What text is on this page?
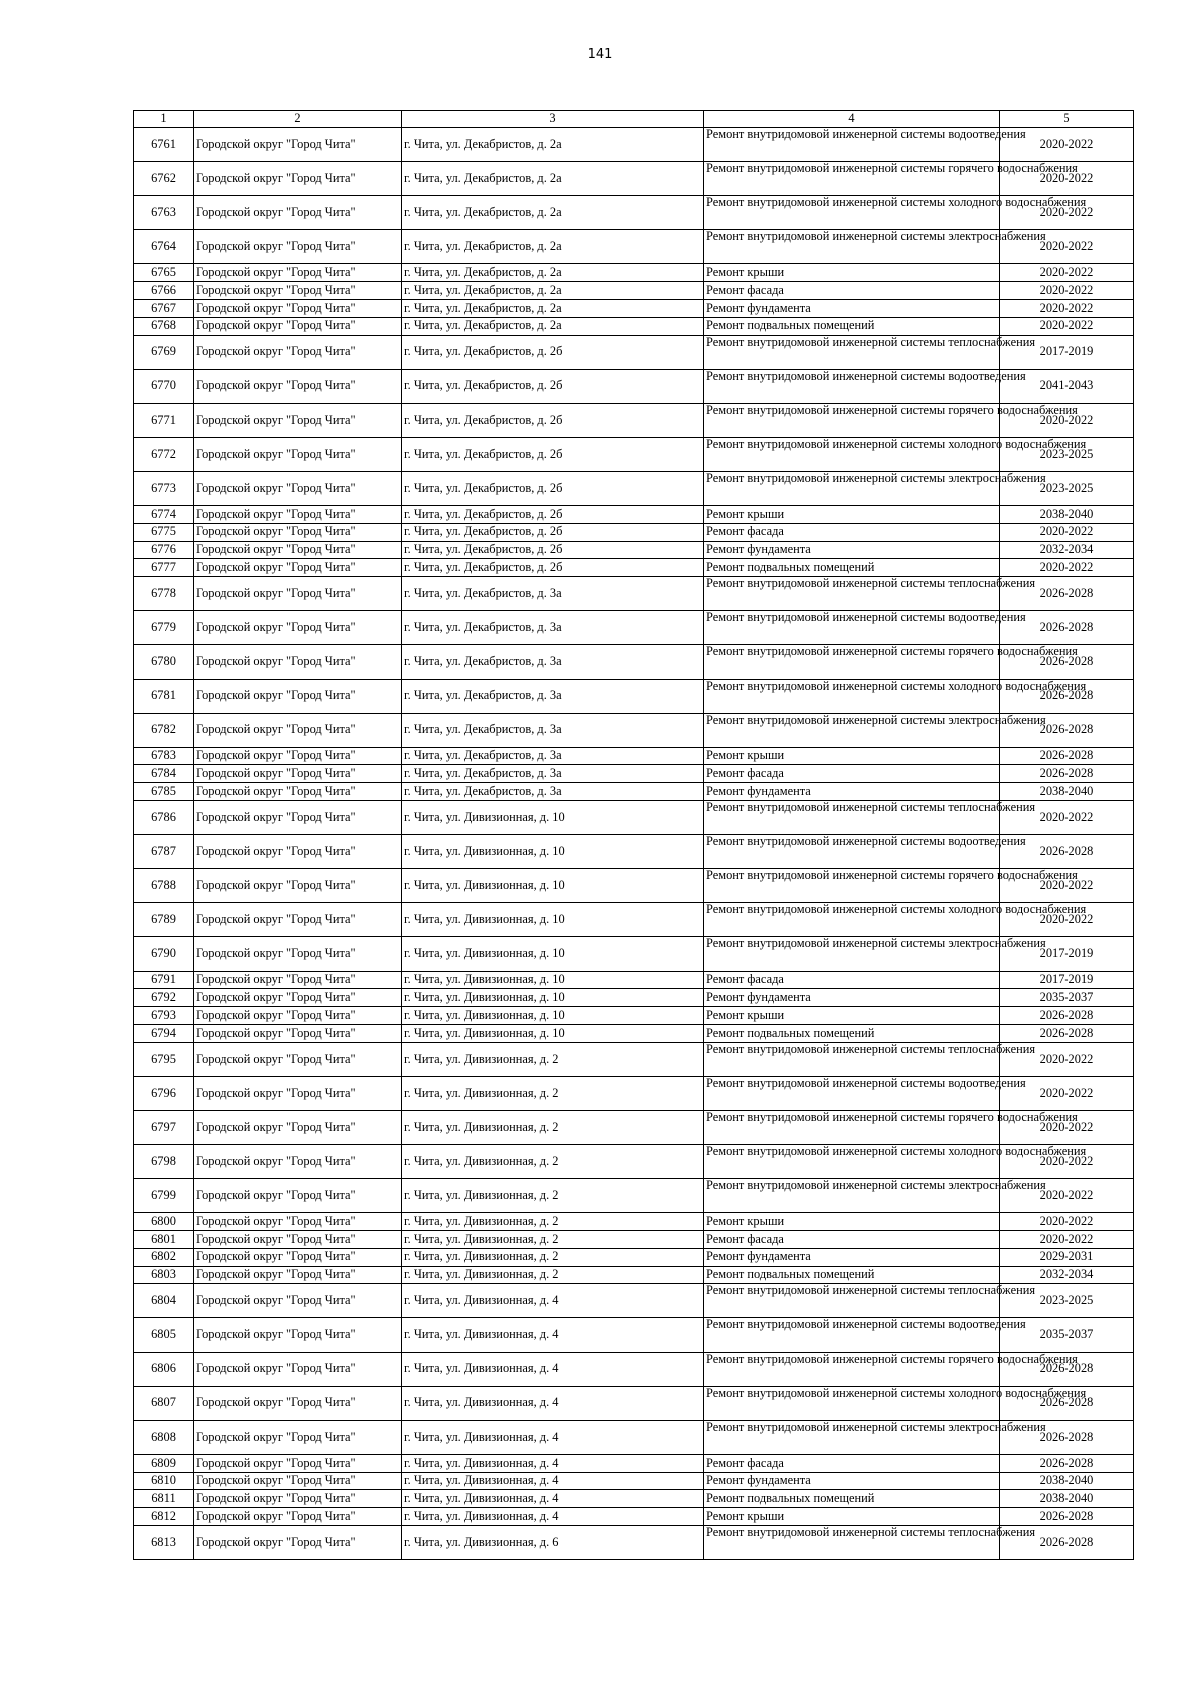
141
1	2	3	4	5
6761	Городской округ "Город Чита"	г. Чита, ул. Декабристов, д. 2а	Ремонт внутридомовой инженерной системы водоотведения	2020-2022
6762	Городской округ "Город Чита"	г. Чита, ул. Декабристов, д. 2а	Ремонт внутридомовой инженерной системы горячего водоснабжения	2020-2022
6763	Городской округ "Город Чита"	г. Чита, ул. Декабристов, д. 2а	Ремонт внутридомовой инженерной системы холодного водоснабжения	2020-2022
6764	Городской округ "Город Чита"	г. Чита, ул. Декабристов, д. 2а	Ремонт внутридомовой инженерной системы электроснабжения	2020-2022
6765	Городской округ "Город Чита"	г. Чита, ул. Декабристов, д. 2а	Ремонт крыши	2020-2022
6766	Городской округ "Город Чита"	г. Чита, ул. Декабристов, д. 2а	Ремонт фасада	2020-2022
6767	Городской округ "Город Чита"	г. Чита, ул. Декабристов, д. 2а	Ремонт фундамента	2020-2022
6768	Городской округ "Город Чита"	г. Чита, ул. Декабристов, д. 2а	Ремонт подвальных помещений	2020-2022
6769	Городской округ "Город Чита"	г. Чита, ул. Декабристов, д. 2б	Ремонт внутридомовой инженерной системы теплоснабжения	2017-2019
6770	Городской округ "Город Чита"	г. Чита, ул. Декабристов, д. 2б	Ремонт внутридомовой инженерной системы водоотведения	2041-2043
6771	Городской округ "Город Чита"	г. Чита, ул. Декабристов, д. 2б	Ремонт внутридомовой инженерной системы горячего водоснабжения	2020-2022
6772	Городской округ "Город Чита"	г. Чита, ул. Декабристов, д. 2б	Ремонт внутридомовой инженерной системы холодного водоснабжения	2023-2025
6773	Городской округ "Город Чита"	г. Чита, ул. Декабристов, д. 2б	Ремонт внутридомовой инженерной системы электроснабжения	2023-2025
6774	Городской округ "Город Чита"	г. Чита, ул. Декабристов, д. 2б	Ремонт крыши	2038-2040
6775	Городской округ "Город Чита"	г. Чита, ул. Декабристов, д. 2б	Ремонт фасада	2020-2022
6776	Городской округ "Город Чита"	г. Чита, ул. Декабристов, д. 2б	Ремонт фундамента	2032-2034
6777	Городской округ "Город Чита"	г. Чита, ул. Декабристов, д. 2б	Ремонт подвальных помещений	2020-2022
6778	Городской округ "Город Чита"	г. Чита, ул. Декабристов, д. 3а	Ремонт внутридомовой инженерной системы теплоснабжения	2026-2028
6779	Городской округ "Город Чита"	г. Чита, ул. Декабристов, д. 3а	Ремонт внутридомовой инженерной системы водоотведения	2026-2028
6780	Городской округ "Город Чита"	г. Чита, ул. Декабристов, д. 3а	Ремонт внутридомовой инженерной системы горячего водоснабжения	2026-2028
6781	Городской округ "Город Чита"	г. Чита, ул. Декабристов, д. 3а	Ремонт внутридомовой инженерной системы холодного водоснабжения	2026-2028
6782	Городской округ "Город Чита"	г. Чита, ул. Декабристов, д. 3а	Ремонт внутридомовой инженерной системы электроснабжения	2026-2028
6783	Городской округ "Город Чита"	г. Чита, ул. Декабристов, д. 3а	Ремонт крыши	2026-2028
6784	Городской округ "Город Чита"	г. Чита, ул. Декабристов, д. 3а	Ремонт фасада	2026-2028
6785	Городской округ "Город Чита"	г. Чита, ул. Декабристов, д. 3а	Ремонт фундамента	2038-2040
6786	Городской округ "Город Чита"	г. Чита, ул. Дивизионная, д. 10	Ремонт внутридомовой инженерной системы теплоснабжения	2020-2022
6787	Городской округ "Город Чита"	г. Чита, ул. Дивизионная, д. 10	Ремонт внутридомовой инженерной системы водоотведения	2026-2028
6788	Городской округ "Город Чита"	г. Чита, ул. Дивизионная, д. 10	Ремонт внутридомовой инженерной системы горячего водоснабжения	2020-2022
6789	Городской округ "Город Чита"	г. Чита, ул. Дивизионная, д. 10	Ремонт внутридомовой инженерной системы холодного водоснабжения	2020-2022
6790	Городской округ "Город Чита"	г. Чита, ул. Дивизионная, д. 10	Ремонт внутридомовой инженерной системы электроснабжения	2017-2019
6791	Городской округ "Город Чита"	г. Чита, ул. Дивизионная, д. 10	Ремонт фасада	2017-2019
6792	Городской округ "Город Чита"	г. Чита, ул. Дивизионная, д. 10	Ремонт фундамента	2035-2037
6793	Городской округ "Город Чита"	г. Чита, ул. Дивизионная, д. 10	Ремонт крыши	2026-2028
6794	Городской округ "Город Чита"	г. Чита, ул. Дивизионная, д. 10	Ремонт подвальных помещений	2026-2028
6795	Городской округ "Город Чита"	г. Чита, ул. Дивизионная, д. 2	Ремонт внутридомовой инженерной системы теплоснабжения	2020-2022
6796	Городской округ "Город Чита"	г. Чита, ул. Дивизионная, д. 2	Ремонт внутридомовой инженерной системы водоотведения	2020-2022
6797	Городской округ "Город Чита"	г. Чита, ул. Дивизионная, д. 2	Ремонт внутридомовой инженерной системы горячего водоснабжения	2020-2022
6798	Городской округ "Город Чита"	г. Чита, ул. Дивизионная, д. 2	Ремонт внутридомовой инженерной системы холодного водоснабжения	2020-2022
6799	Городской округ "Город Чита"	г. Чита, ул. Дивизионная, д. 2	Ремонт внутридомовой инженерной системы электроснабжения	2020-2022
6800	Городской округ "Город Чита"	г. Чита, ул. Дивизионная, д. 2	Ремонт крыши	2020-2022
6801	Городской округ "Город Чита"	г. Чита, ул. Дивизионная, д. 2	Ремонт фасада	2020-2022
6802	Городской округ "Город Чита"	г. Чита, ул. Дивизионная, д. 2	Ремонт фундамента	2029-2031
6803	Городской округ "Город Чита"	г. Чита, ул. Дивизионная, д. 2	Ремонт подвальных помещений	2032-2034
6804	Городской округ "Город Чита"	г. Чита, ул. Дивизионная, д. 4	Ремонт внутридомовой инженерной системы теплоснабжения	2023-2025
6805	Городской округ "Город Чита"	г. Чита, ул. Дивизионная, д. 4	Ремонт внутридомовой инженерной системы водоотведения	2035-2037
6806	Городской округ "Город Чита"	г. Чита, ул. Дивизионная, д. 4	Ремонт внутридомовой инженерной системы горячего водоснабжения	2026-2028
6807	Городской округ "Город Чита"	г. Чита, ул. Дивизионная, д. 4	Ремонт внутридомовой инженерной системы холодного водоснабжения	2026-2028
6808	Городской округ "Город Чита"	г. Чита, ул. Дивизионная, д. 4	Ремонт внутридомовой инженерной системы электроснабжения	2026-2028
6809	Городской округ "Город Чита"	г. Чита, ул. Дивизионная, д. 4	Ремонт фасада	2026-2028
6810	Городской округ "Город Чита"	г. Чита, ул. Дивизионная, д. 4	Ремонт фундамента	2038-2040
6811	Городской округ "Город Чита"	г. Чита, ул. Дивизионная, д. 4	Ремонт подвальных помещений	2038-2040
6812	Городской округ "Город Чита"	г. Чита, ул. Дивизионная, д. 4	Ремонт крыши	2026-2028
6813	Городской округ "Город Чита"	г. Чита, ул. Дивизионная, д. 6	Ремонт внутридомовой инженерной системы теплоснабжения	2026-2028
